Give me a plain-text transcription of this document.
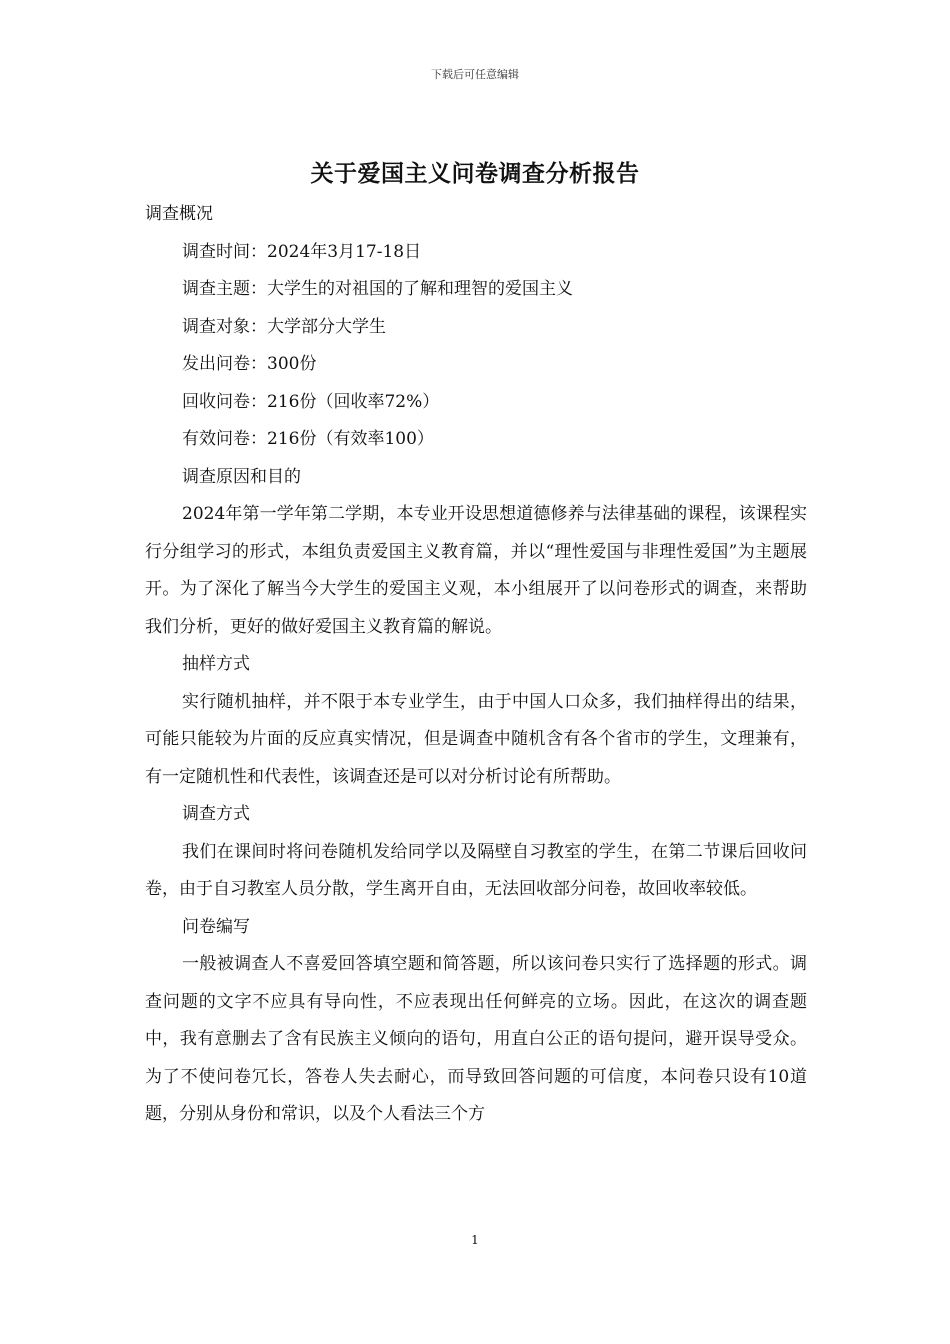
下载后可任意编辑
关于爱国主义问卷调查分析报告

调查概况

调查时间：2024年3月17-18日

调查主题：大学生的对祖国的了解和理智的爱国主义

调查对象：大学部分大学生

发出问卷：300份

回收问卷：216份（回收率72%）

有效问卷：216份（有效率100）

调查原因和目的

2024年第一学年第二学期，本专业开设思想道德修养与法律基础的课程，该课程实行分组学习的形式，本组负责爱国主义教育篇，并以“理性爱国与非理性爱国”为主题展开。为了深化了解当今大学生的爱国主义观，本小组展开了以问卷形式的调查，来帮助我们分析，更好的做好爱国主义教育篇的解说。

抽样方式

实行随机抽样，并不限于本专业学生，由于中国人口众多，我们抽样得出的结果，可能只能较为片面的反应真实情况，但是调查中随机含有各个省市的学生，文理兼有，有一定随机性和代表性，该调查还是可以对分析讨论有所帮助。

调查方式

我们在课间时将问卷随机发给同学以及隔壁自习教室的学生，在第二节课后回收问卷，由于自习教室人员分散，学生离开自由，无法回收部分问卷，故回收率较低。

问卷编写

一般被调查人不喜爱回答填空题和简答题，所以该问卷只实行了选择题的形式。调查问题的文字不应具有导向性，不应表现出任何鲜亮的立场。因此，在这次的调查题中，我有意删去了含有民族主义倾向的语句，用直白公正的语句提问，避开误导受众。为了不使问卷冗长，答卷人失去耐心，而导致回答问题的可信度，本问卷只设有10道题，分别从身份和常识，以及个人看法三个方

1
